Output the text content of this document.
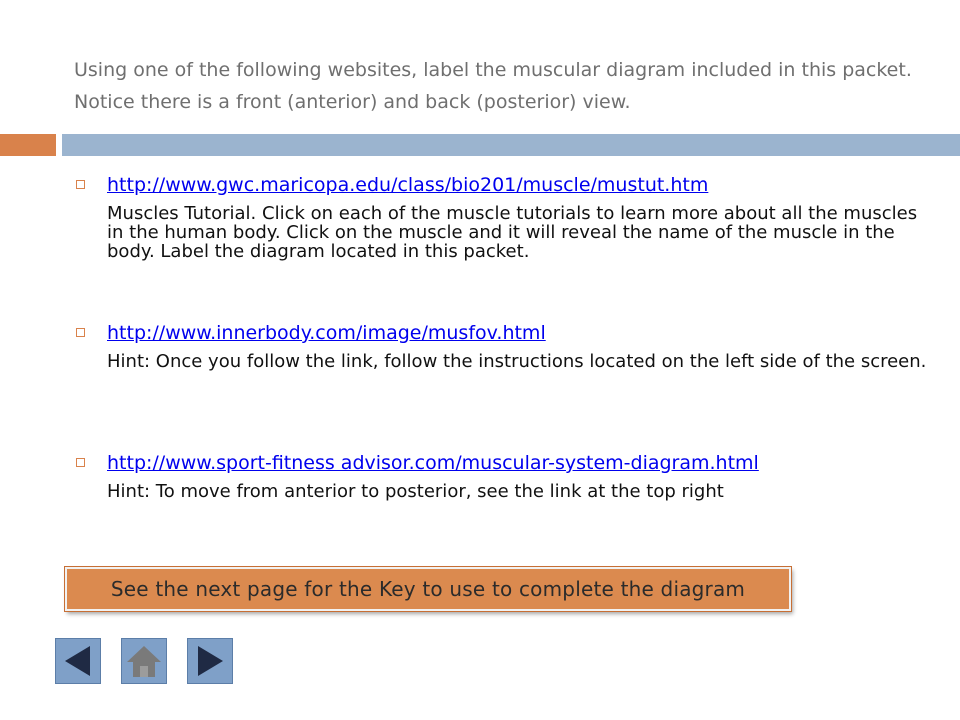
Using one of the following websites, label the muscular diagram included in this packet. Notice there is a front (anterior) and back (posterior) view.
http://www.gwc.maricopa.edu/class/bio201/muscle/mustut.htm
Muscles Tutorial. Click on each of the muscle tutorials to learn more about all the muscles in the human body. Click on the muscle and it will reveal the name of the muscle in the body. Label the diagram located in this packet.
http://www.innerbody.com/image/musfov.html
Hint: Once you follow the link, follow the instructions located on the left side of the screen.
http://www.sport-fitness advisor.com/muscular-system-diagram.html
Hint: To move from anterior to posterior, see the link at the top right
See the next page for the Key to use to complete the diagram
